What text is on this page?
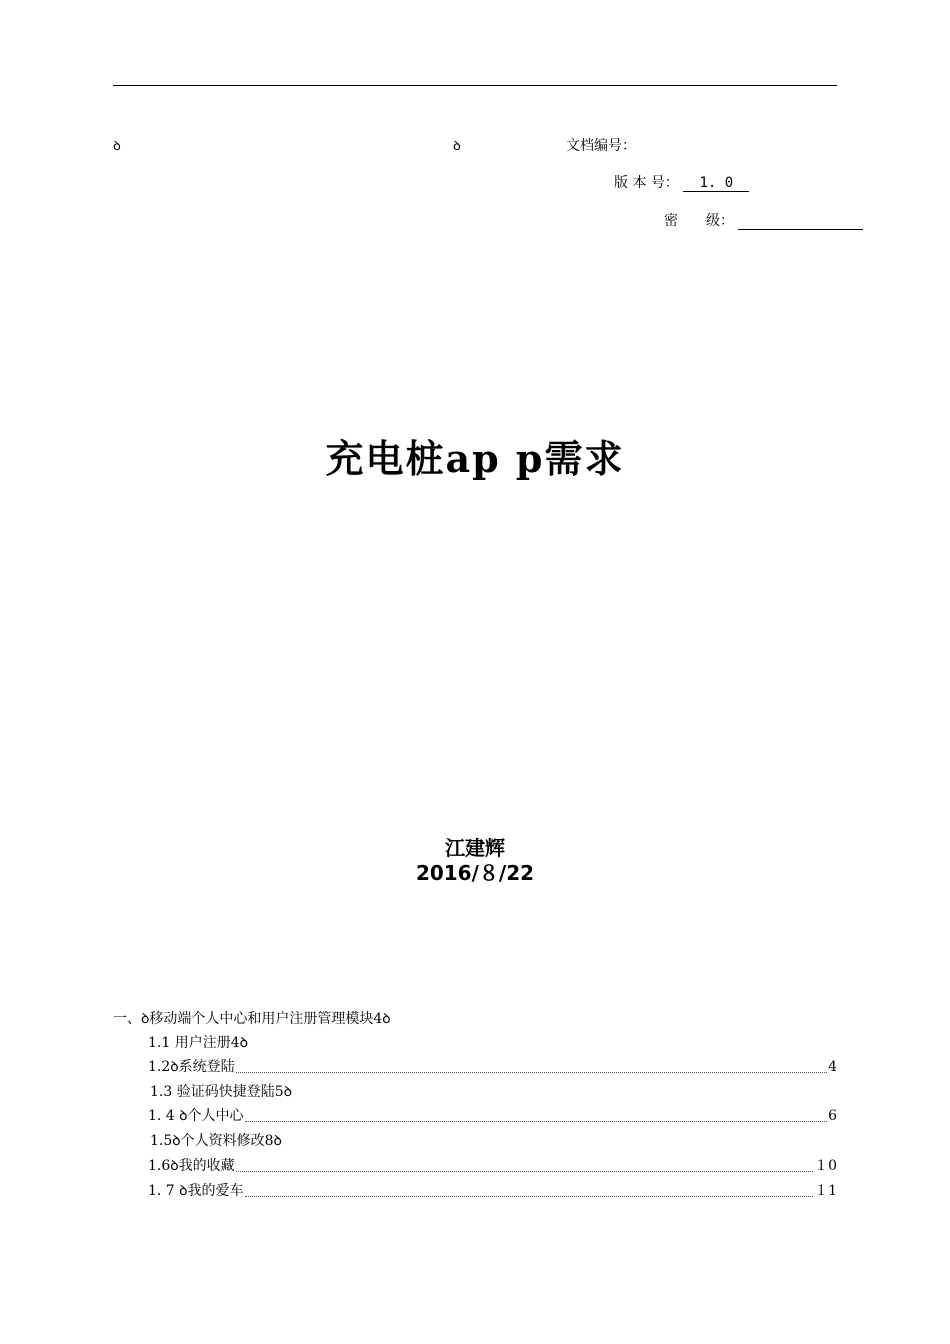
ꝺ	ꝺ	文档编号：
版 本 号： 1. 0
密　　级：
充电桩ap p需求
江建辉
2016/８/22
一、ꝺ移动端个人中心和用户注册管理模块4ꝺ
1.1 用户注册4ꝺ
1.2ꝺ系统登陆	4
1.3 验证码快捷登陆5ꝺ
1. 4 ꝺ个人中心	6
1.5ꝺ个人资料修改8ꝺ
1.6ꝺ我的收藏	１0
1. 7 ꝺ我的爱车	１1
